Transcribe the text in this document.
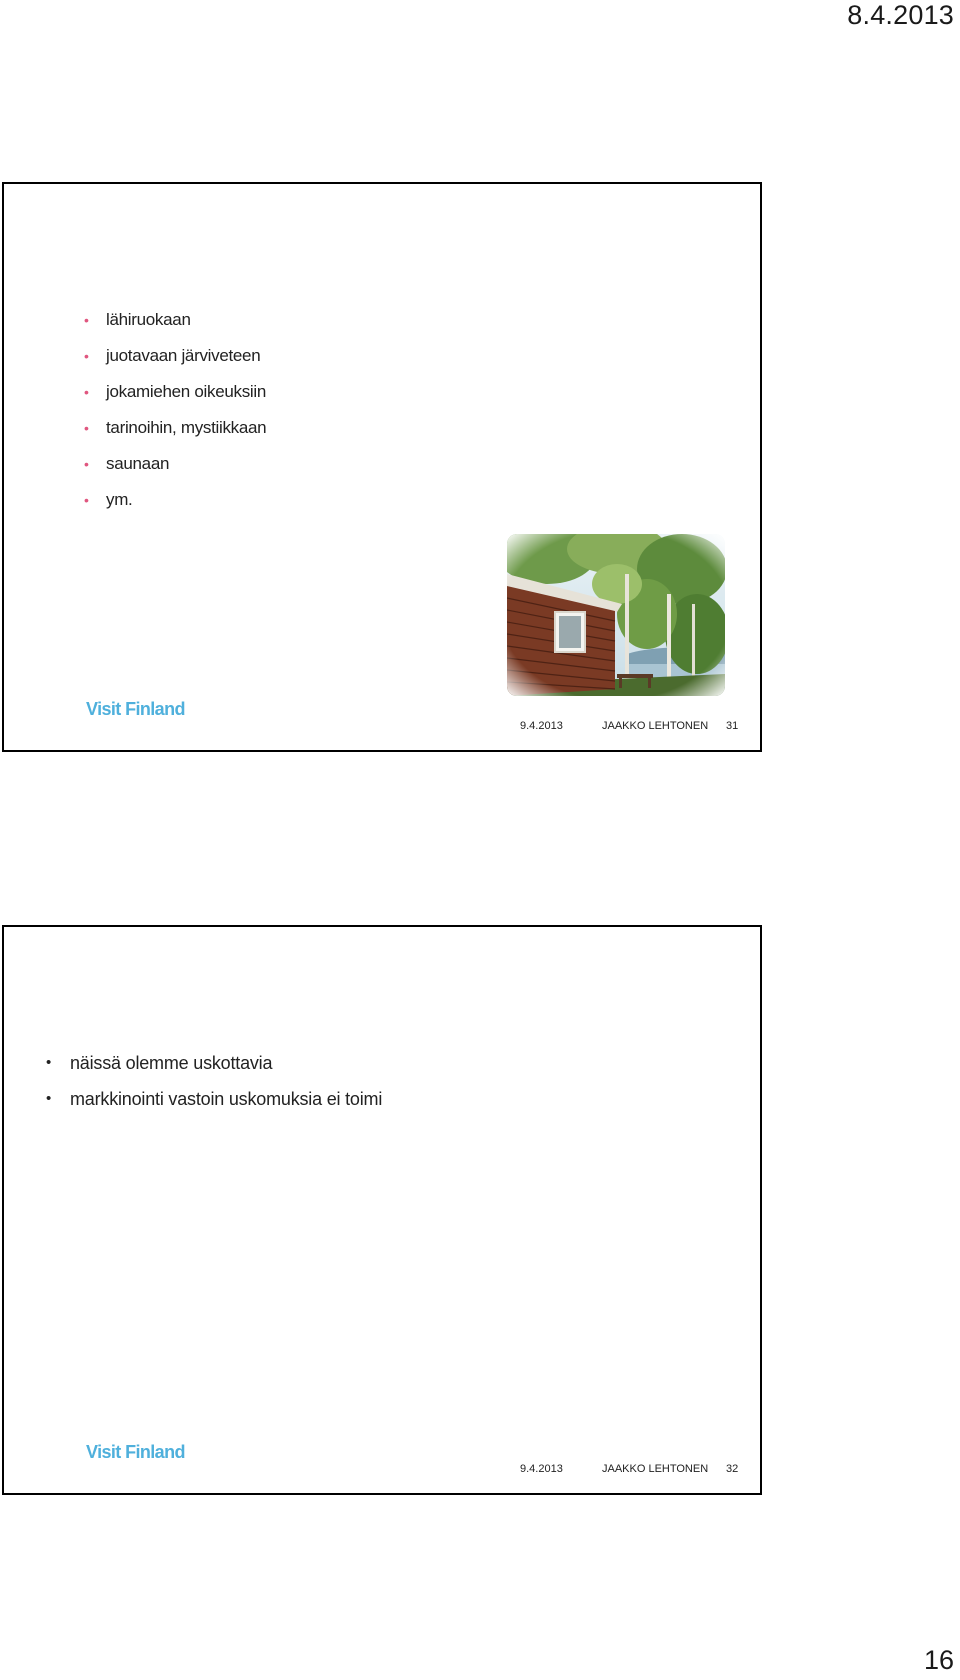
8.4.2013
• lähiruokaan
• juotavaan järviveteen
• jokamiehen oikeuksiin
• tarinoihin, mystiikkaan
• saunaan
• ym.
Visit Finland
9.4.2013	JAAKKO LEHTONEN 31
• näissä olemme uskottavia
• markkinointi vastoin uskomuksia ei toimi
Visit Finland
9.4.2013	JAAKKO LEHTONEN 32
16
